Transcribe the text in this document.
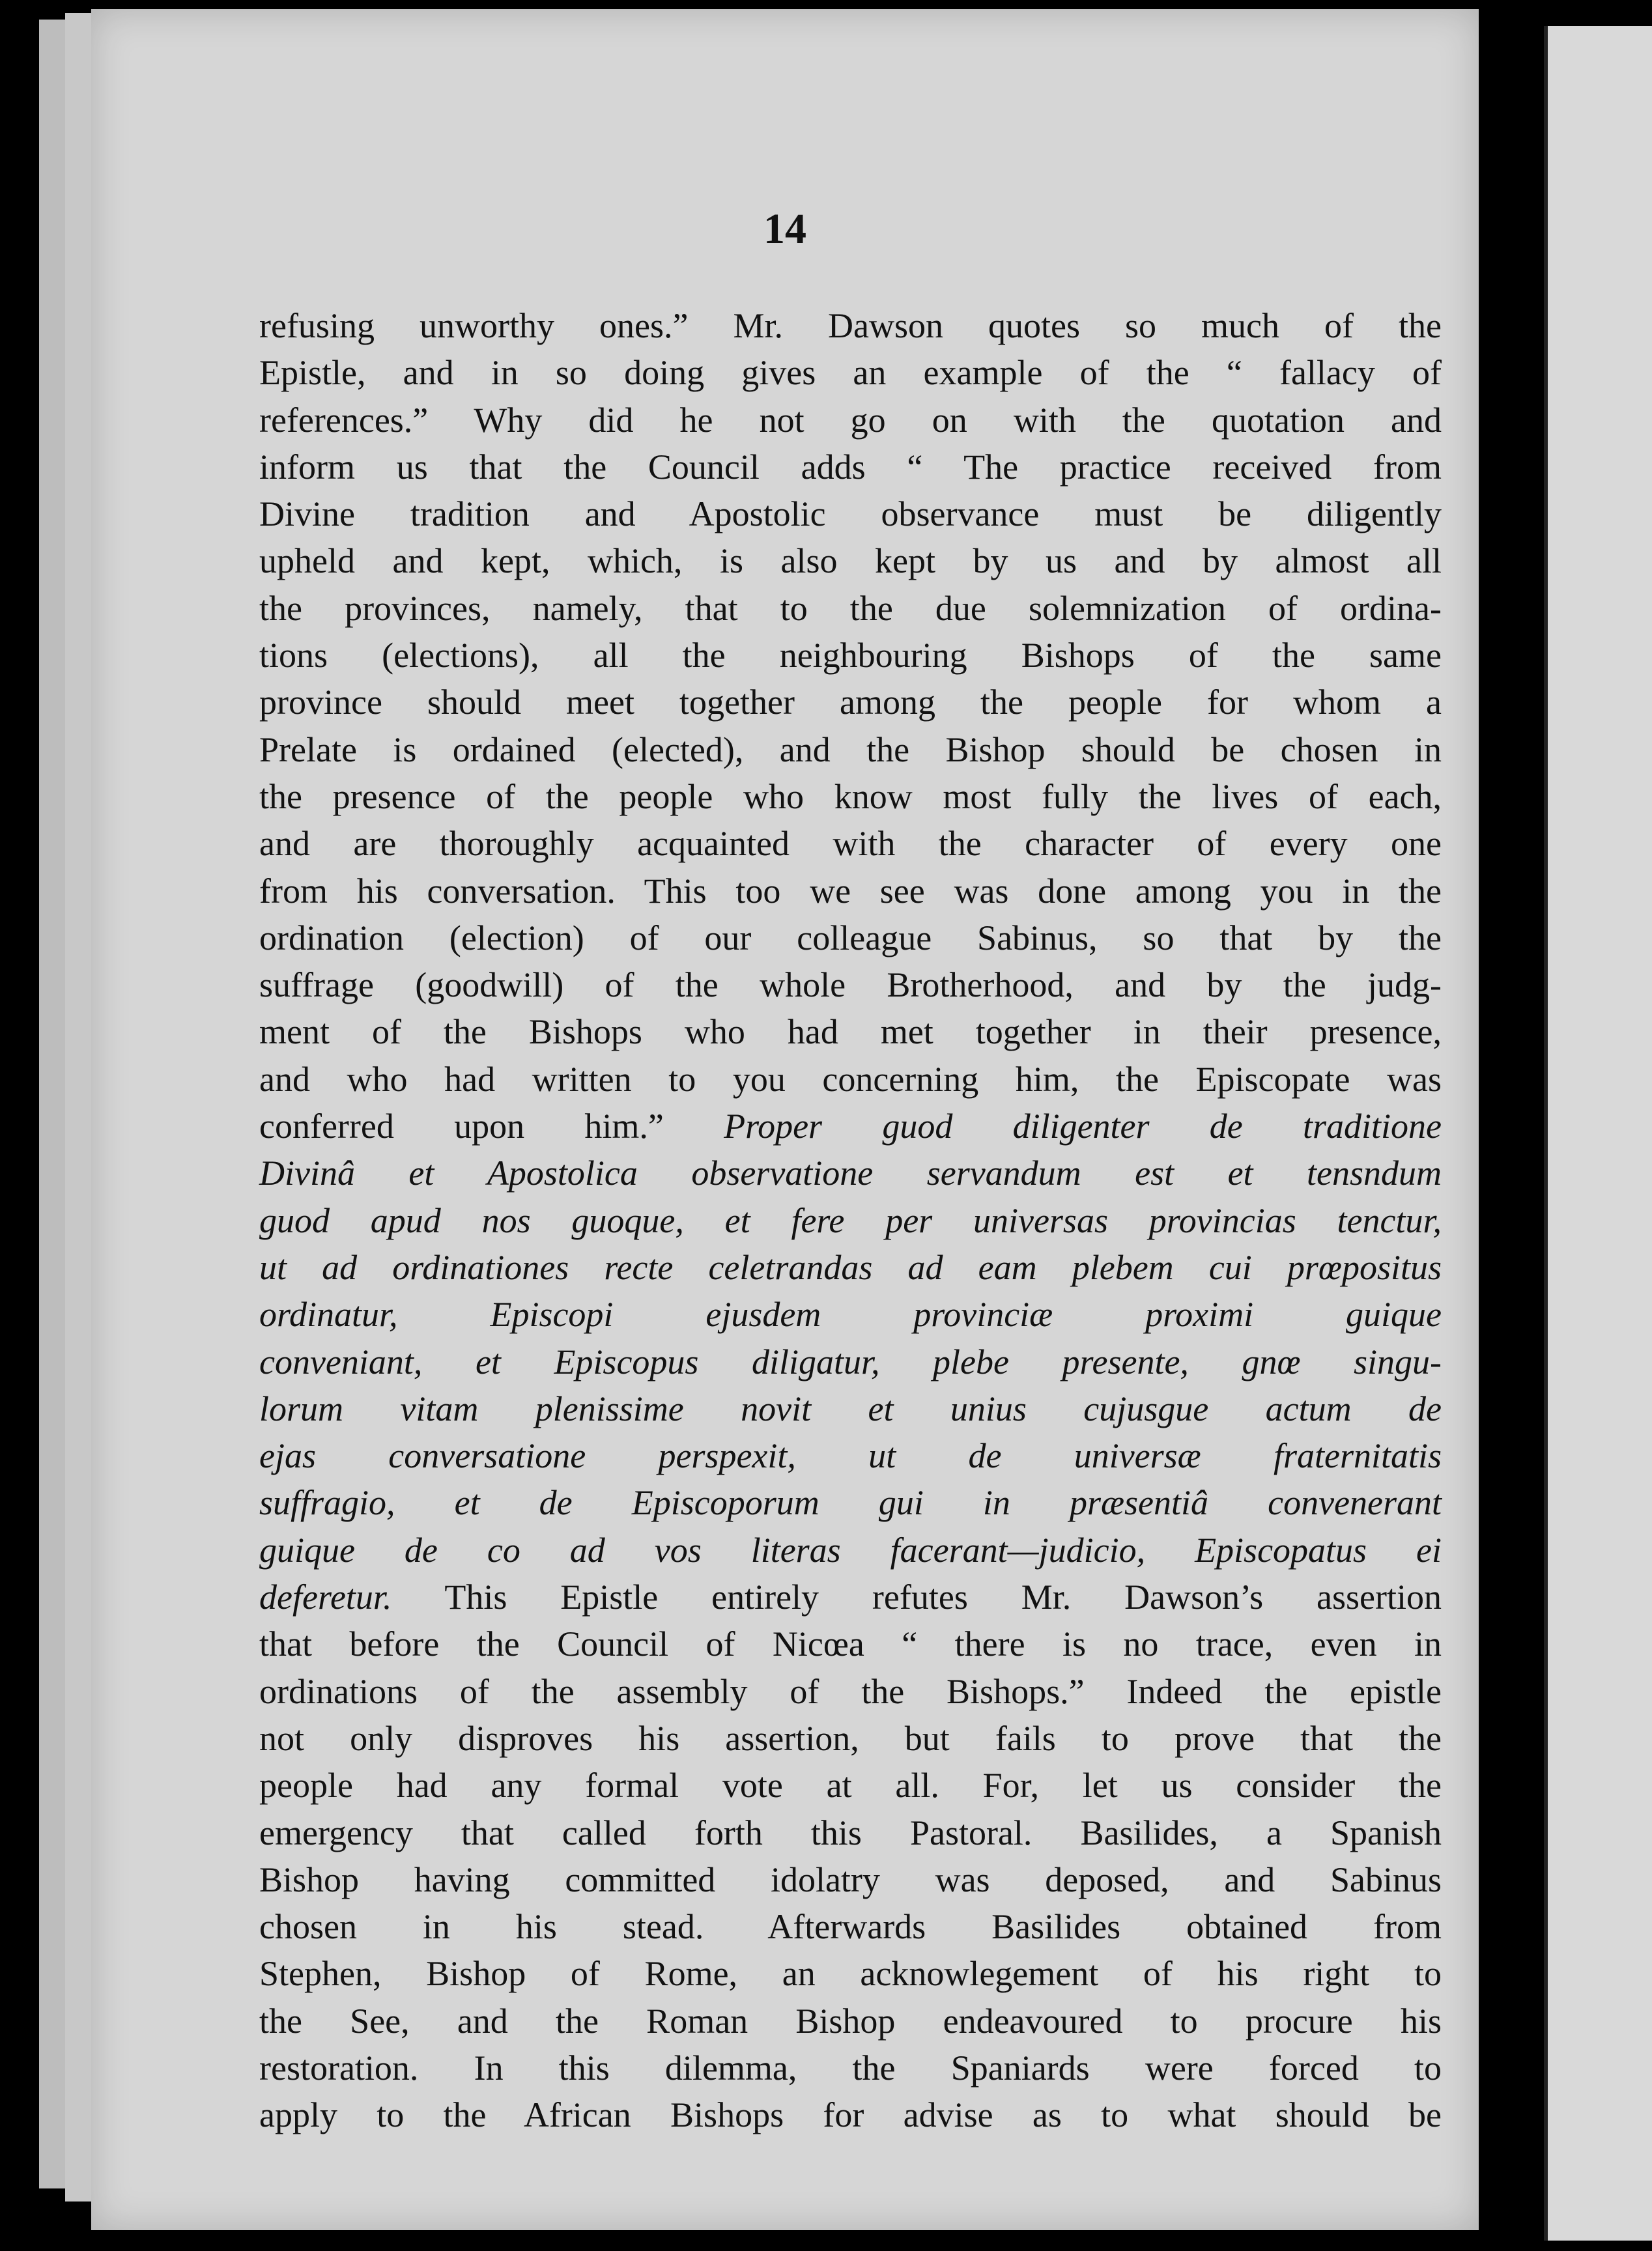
14
refusing unworthy ones.” Mr. Dawson quotes so much of the
Epistle, and in so doing gives an example of the “ fallacy of
references.” Why did he not go on with the quotation and
inform us that the Council adds “ The practice received from
Divine tradition and Apostolic observance must be diligently
upheld and kept, which, is also kept by us and by almost all
the provinces, namely, that to the due solemnization of ordina-
tions (elections), all the neighbouring Bishops of the same
province should meet together among the people for whom a
Prelate is ordained (elected), and the Bishop should be chosen in
the presence of the people who know most fully the lives of each,
and are thoroughly acquainted with the character of every one
from his conversation. This too we see was done among you in the
ordination (election) of our colleague Sabinus, so that by the
suffrage (goodwill) of the whole Brotherhood, and by the judg-
ment of the Bishops who had met together in their presence,
and who had written to you concerning him, the Episcopate was
conferred upon him.” Proper guod diligenter de traditione
Divinâ et Apostolica observatione servandum est et tensndum
guod apud nos guoque, et fere per universas provincias tenctur,
ut ad ordinationes recte celetrandas ad eam plebem cui prœpositus
ordinatur, Episcopi ejusdem provinciæ proximi guique
conveniant, et Episcopus diligatur, plebe presente, gnœ singu-
lorum vitam plenissime novit et unius cujusgue actum de
ejas conversatione perspexit, ut de universæ fraternitatis
suffragio, et de Episcoporum gui in præsentiâ convenerant
guique de co ad vos literas facerant—judicio, Episcopatus ei
deferetur. This Epistle entirely refutes Mr. Dawson’s assertion
that before the Council of Nicœa “ there is no trace, even in
ordinations of the assembly of the Bishops.” Indeed the epistle
not only disproves his assertion, but fails to prove that the
people had any formal vote at all. For, let us consider the
emergency that called forth this Pastoral. Basilides, a Spanish
Bishop having committed idolatry was deposed, and Sabinus
chosen in his stead. Afterwards Basilides obtained from
Stephen, Bishop of Rome, an acknowlegement of his right to
the See, and the Roman Bishop endeavoured to procure his
restoration. In this dilemma, the Spaniards were forced to
apply to the African Bishops for advise as to what should be
